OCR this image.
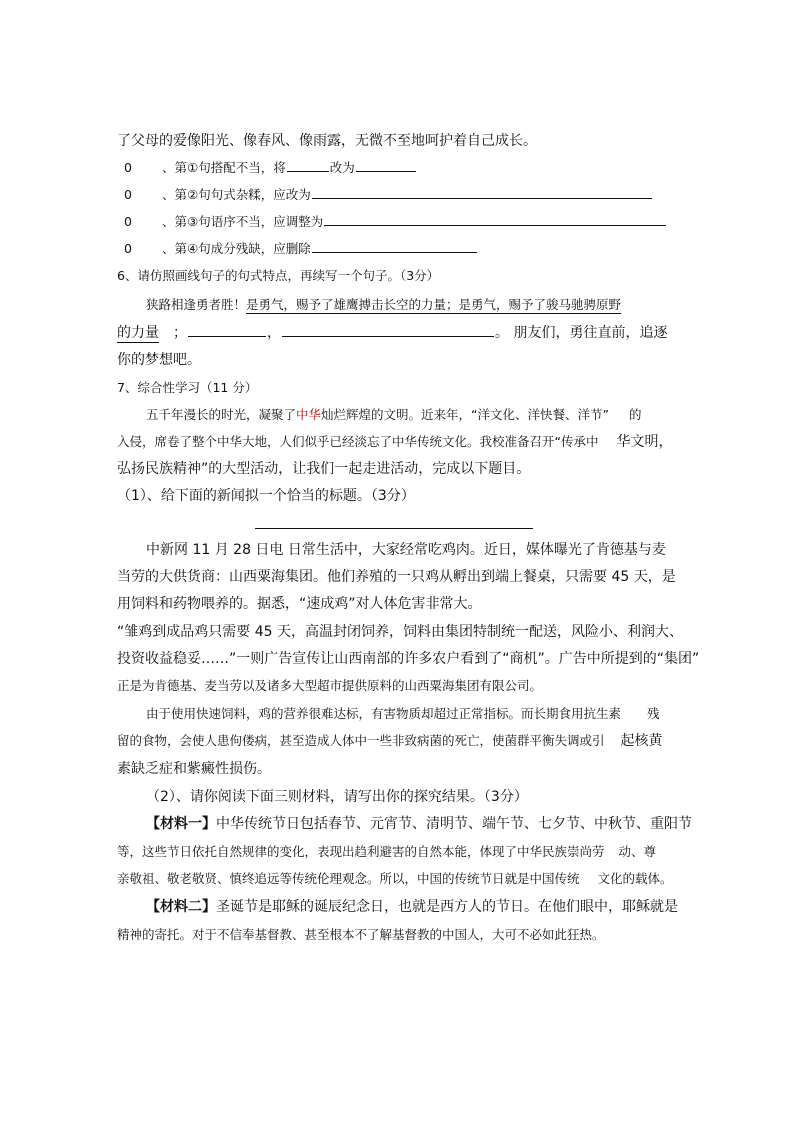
了父母的爱像阳光、像春风、像雨露，无微不至地呵护着自己成长。
0 、第①句搭配不当，将	改为
0 、第②句句式杂糅，应改为
0 、第③句语序不当，应调整为
0 、第④句成分残缺，应删除
6、请仿照画线句子的句式特点，再续写一个句子。（3分）
狭路相逢勇者胜！是勇气，赐予了雄鹰搏击长空的力量；是勇气，赐予了骏马驰骋原野
的力量 ；	，	。 朋友们，勇往直前，追逐
你的梦想吧。
7、综合性学习（11 分）
五千年漫长的时光，凝聚了中华灿烂辉煌的文明。近来年，“洋文化、洋快餐、洋节” 的
入侵，席卷了整个中华大地，人们似乎已经淡忘了中华传统文化。我校准备召开“传承中 华文明，
弘扬民族精神”的大型活动，让我们一起走进活动，完成以下题目。
（1）、给下面的新闻拟一个恰当的标题。（3分）
中新网 11 月 28 日电 日常生活中，大家经常吃鸡肉。近日，媒体曝光了肯德基与麦
当劳的大供货商：山西粟海集团。他们养殖的一只鸡从孵出到端上餐桌，只需要 45 天，是
用饲料和药物喂养的。据悉，“速成鸡”对人体危害非常大。
“雏鸡到成品鸡只需要 45 天，高温封闭饲养，饲料由集团特制统一配送，风险小、利润大、
投资收益稳妥……”一则广告宣传让山西南部的许多农户看到了“商机”。广告中所提到的“集团”
正是为肯德基、麦当劳以及诸多大型超市提供原料的山西粟海集团有限公司。
由于使用快速饲料，鸡的营养很难达标，有害物质却超过正常指标。而长期食用抗生素 残
留的食物，会使人患佝偻病，甚至造成人体中一些非致病菌的死亡，使菌群平衡失调或引 起核黄
素缺乏症和紫癜性损伤。
（2）、请你阅读下面三则材料，请写出你的探究结果。（3分）
【材料一】中华传统节日包括春节、元宵节、清明节、端午节、七夕节、中秋节、重阳节
等，这些节日依托自然规律的变化，表现出趋利避害的自然本能，体现了中华民族崇尚劳 动、尊
亲敬祖、敬老敬贤、慎终追远等传统伦理观念。所以，中国的传统节日就是中国传统 文化的载体。
【材料二】圣诞节是耶稣的诞辰纪念日，也就是西方人的节日。在他们眼中，耶稣就是
精神的寄托。对于不信奉基督教、甚至根本不了解基督教的中国人，大可不必如此狂热。
